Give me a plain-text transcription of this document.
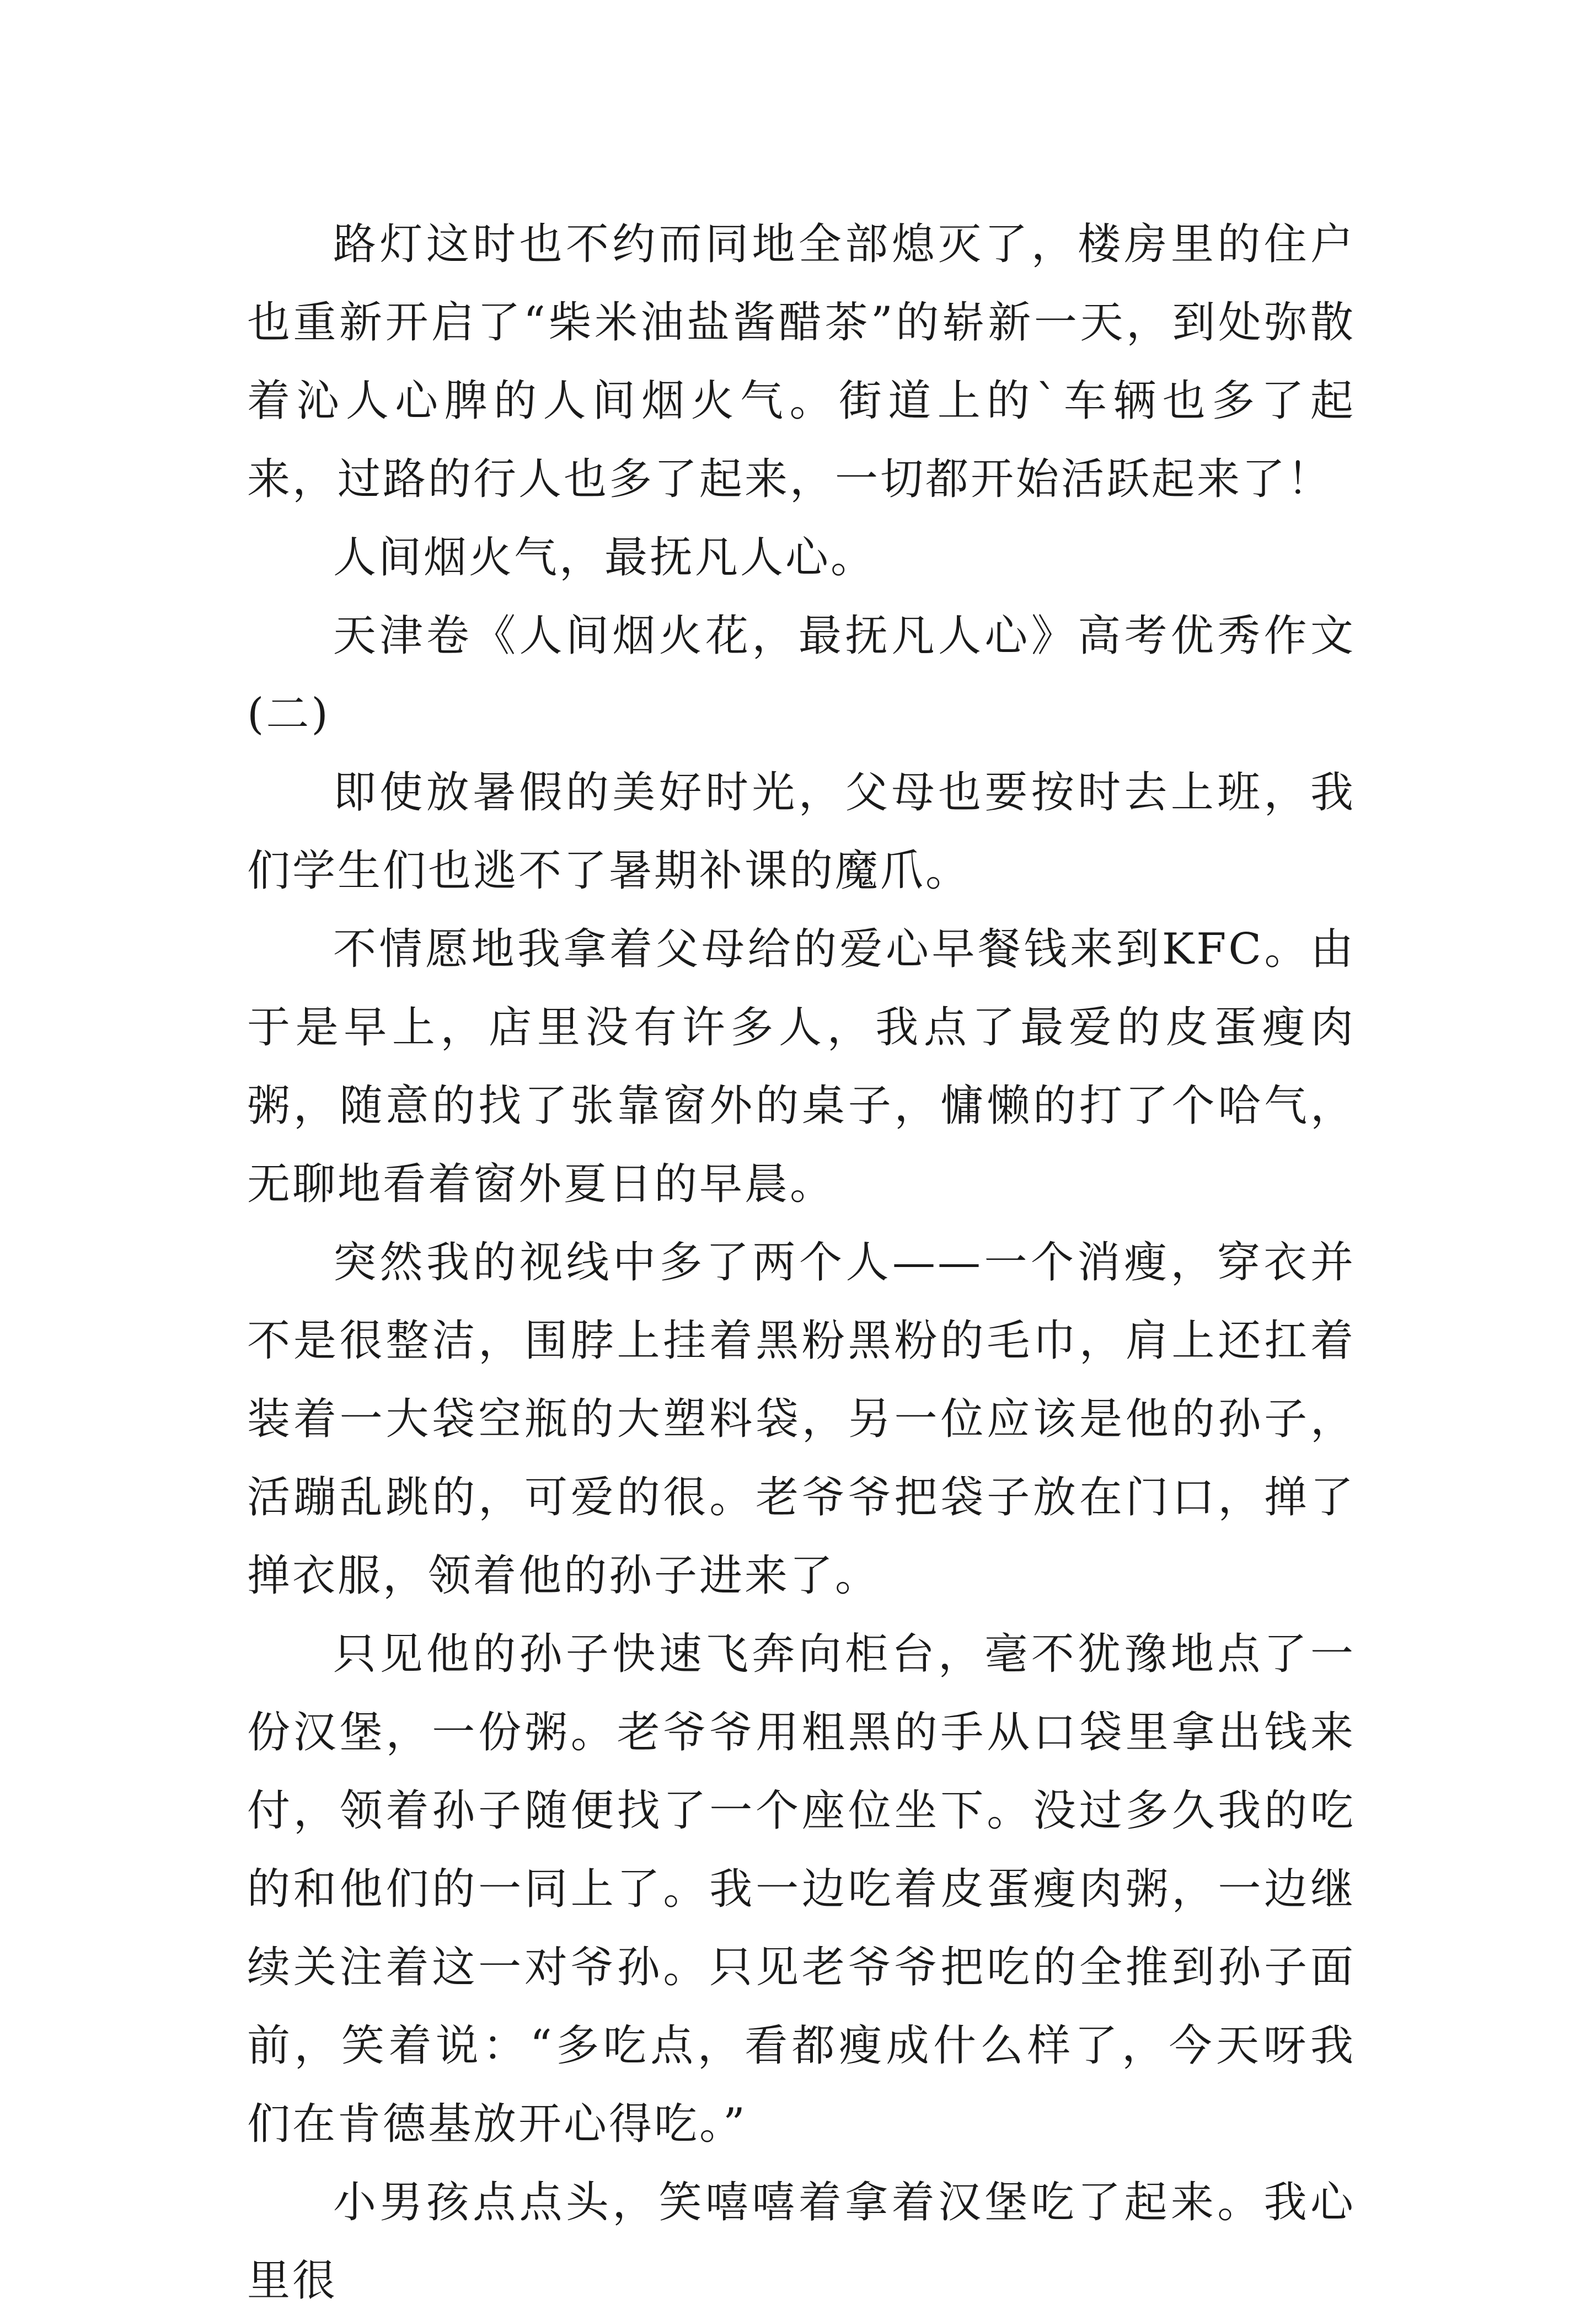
路灯这时也不约而同地全部熄灭了，楼房里的住户也重新开启了“柴米油盐酱醋茶”的崭新一天，到处弥散着沁人心脾的人间烟火气。街道上的`车辆也多了起来，过路的行人也多了起来，一切都开始活跃起来了！

人间烟火气，最抚凡人心。

天津卷《人间烟火花，最抚凡人心》高考优秀作文(二)

即使放暑假的美好时光，父母也要按时去上班，我们学生们也逃不了暑期补课的魔爪。

不情愿地我拿着父母给的爱心早餐钱来到KFC。由于是早上，店里没有许多人，我点了最爱的皮蛋瘦肉粥，随意的找了张靠窗外的桌子，慵懒的打了个哈气，无聊地看着窗外夏日的早晨。

突然我的视线中多了两个人——一个消瘦，穿衣并不是很整洁，围脖上挂着黑粉黑粉的毛巾，肩上还扛着装着一大袋空瓶的大塑料袋，另一位应该是他的孙子，活蹦乱跳的，可爱的很。老爷爷把袋子放在门口，掸了掸衣服，领着他的孙子进来了。

只见他的孙子快速飞奔向柜台，毫不犹豫地点了一份汉堡，一份粥。老爷爷用粗黑的手从口袋里拿出钱来付，领着孙子随便找了一个座位坐下。没过多久我的吃的和他们的一同上了。我一边吃着皮蛋瘦肉粥，一边继续关注着这一对爷孙。只见老爷爷把吃的全推到孙子面前，笑着说：“多吃点，看都瘦成什么样了，今天呀我们在肯德基放开心得吃。”

小男孩点点头，笑嘻嘻着拿着汉堡吃了起来。我心里很
